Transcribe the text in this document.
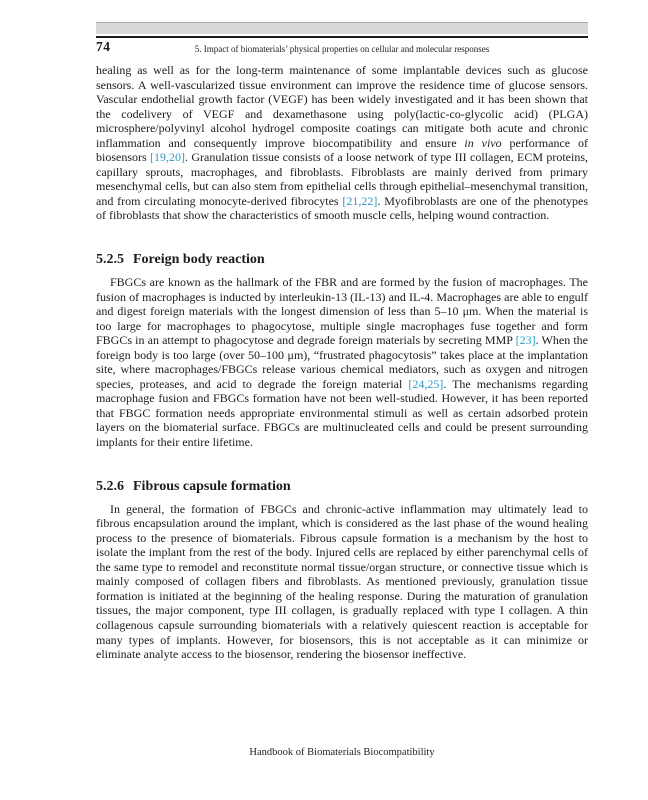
74	5. Impact of biomaterials’ physical properties on cellular and molecular responses

healing as well as for the long-term maintenance of some implantable devices such as glucose sensors. A well-vascularized tissue environment can improve the residence time of glucose sensors. Vascular endothelial growth factor (VEGF) has been widely investigated and it has been shown that the codelivery of VEGF and dexamethasone using poly(lactic-co-glycolic acid) (PLGA) microsphere/polyvinyl alcohol hydrogel composite coatings can mitigate both acute and chronic inflammation and consequently improve biocompatibility and ensure in vivo performance of biosensors [19,20]. Granulation tissue consists of a loose network of type III collagen, ECM proteins, capillary sprouts, macrophages, and fibroblasts. Fibroblasts are mainly derived from primary mesenchymal cells, but can also stem from epithelial cells through epithelial–mesenchymal transition, and from circulating monocyte-derived fibrocytes [21,22]. Myofibroblasts are one of the phenotypes of fibroblasts that show the characteristics of smooth muscle cells, helping wound contraction.

5.2.5 Foreign body reaction

FBGCs are known as the hallmark of the FBR and are formed by the fusion of macrophages. The fusion of macrophages is inducted by interleukin-13 (IL-13) and IL-4. Macrophages are able to engulf and digest foreign materials with the longest dimension of less than 5–10 μm. When the material is too large for macrophages to phagocytose, multiple single macrophages fuse together and form FBGCs in an attempt to phagocytose and degrade foreign materials by secreting MMP [23]. When the foreign body is too large (over 50–100 μm), “frustrated phagocytosis” takes place at the implantation site, where macrophages/FBGCs release various chemical mediators, such as oxygen and nitrogen species, proteases, and acid to degrade the foreign material [24,25]. The mechanisms regarding macrophage fusion and FBGCs formation have not been well-studied. However, it has been reported that FBGC formation needs appropriate environmental stimuli as well as certain adsorbed protein layers on the biomaterial surface. FBGCs are multinucleated cells and could be present surrounding implants for their entire lifetime.

5.2.6 Fibrous capsule formation

In general, the formation of FBGCs and chronic-active inflammation may ultimately lead to fibrous encapsulation around the implant, which is considered as the last phase of the wound healing process to the presence of biomaterials. Fibrous capsule formation is a mechanism by the host to isolate the implant from the rest of the body. Injured cells are replaced by either parenchymal cells of the same type to remodel and reconstitute normal tissue/organ structure, or connective tissue which is mainly composed of collagen fibers and fibroblasts. As mentioned previously, granulation tissue formation is initiated at the beginning of the healing response. During the maturation of granulation tissues, the major component, type III collagen, is gradually replaced with type I collagen. A thin collagenous capsule surrounding biomaterials with a relatively quiescent reaction is acceptable for many types of implants. However, for biosensors, this is not acceptable as it can minimize or eliminate analyte access to the biosensor, rendering the biosensor ineffective.

Handbook of Biomaterials Biocompatibility
